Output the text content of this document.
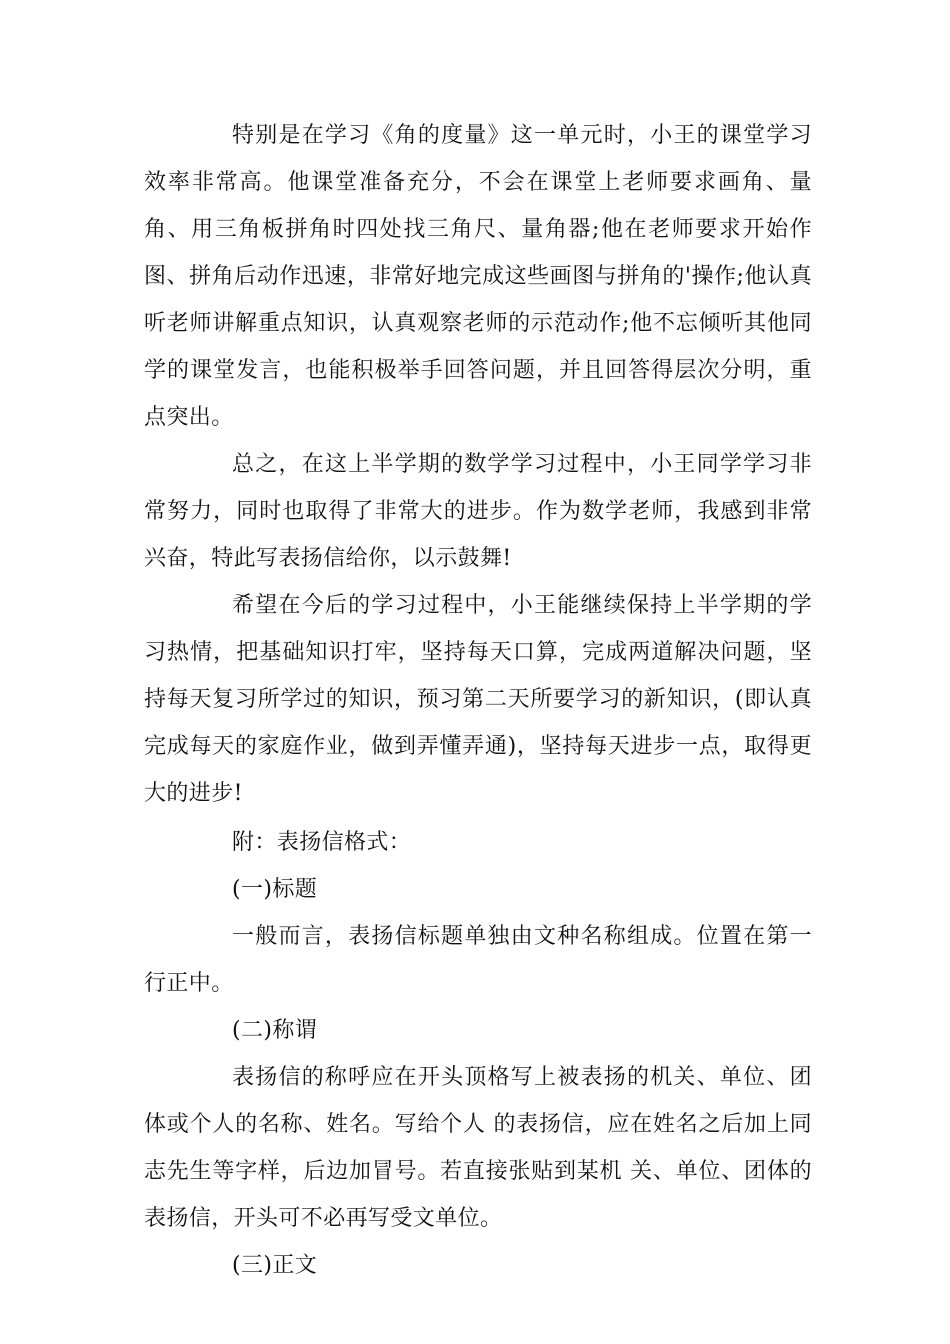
特别是在学习《角的度量》这一单元时，小王的课堂学习效率非常高。他课堂准备充分，不会在课堂上老师要求画角、量角、用三角板拼角时四处找三角尺、量角器;他在老师要求开始作图、拼角后动作迅速，非常好地完成这些画图与拼角的'操作;他认真听老师讲解重点知识，认真观察老师的示范动作;他不忘倾听其他同学的课堂发言，也能积极举手回答问题，并且回答得层次分明，重点突出。

总之，在这上半学期的数学学习过程中，小王同学学习非常努力，同时也取得了非常大的进步。作为数学老师，我感到非常兴奋，特此写表扬信给你，以示鼓舞!

希望在今后的学习过程中，小王能继续保持上半学期的学习热情，把基础知识打牢，坚持每天口算，完成两道解决问题，坚持每天复习所学过的知识，预习第二天所要学习的新知识，(即认真完成每天的家庭作业，做到弄懂弄通)，坚持每天进步一点，取得更大的进步!

附：表扬信格式：

(一)标题

一般而言，表扬信标题单独由文种名称组成。位置在第一行正中。

(二)称谓

表扬信的称呼应在开头顶格写上被表扬的机关、单位、团体或个人的名称、姓名。写给个人 的表扬信，应在姓名之后加上同志先生等字样，后边加冒号。若直接张贴到某机 关、单位、团体的表扬信，开头可不必再写受文单位。

(三)正文
